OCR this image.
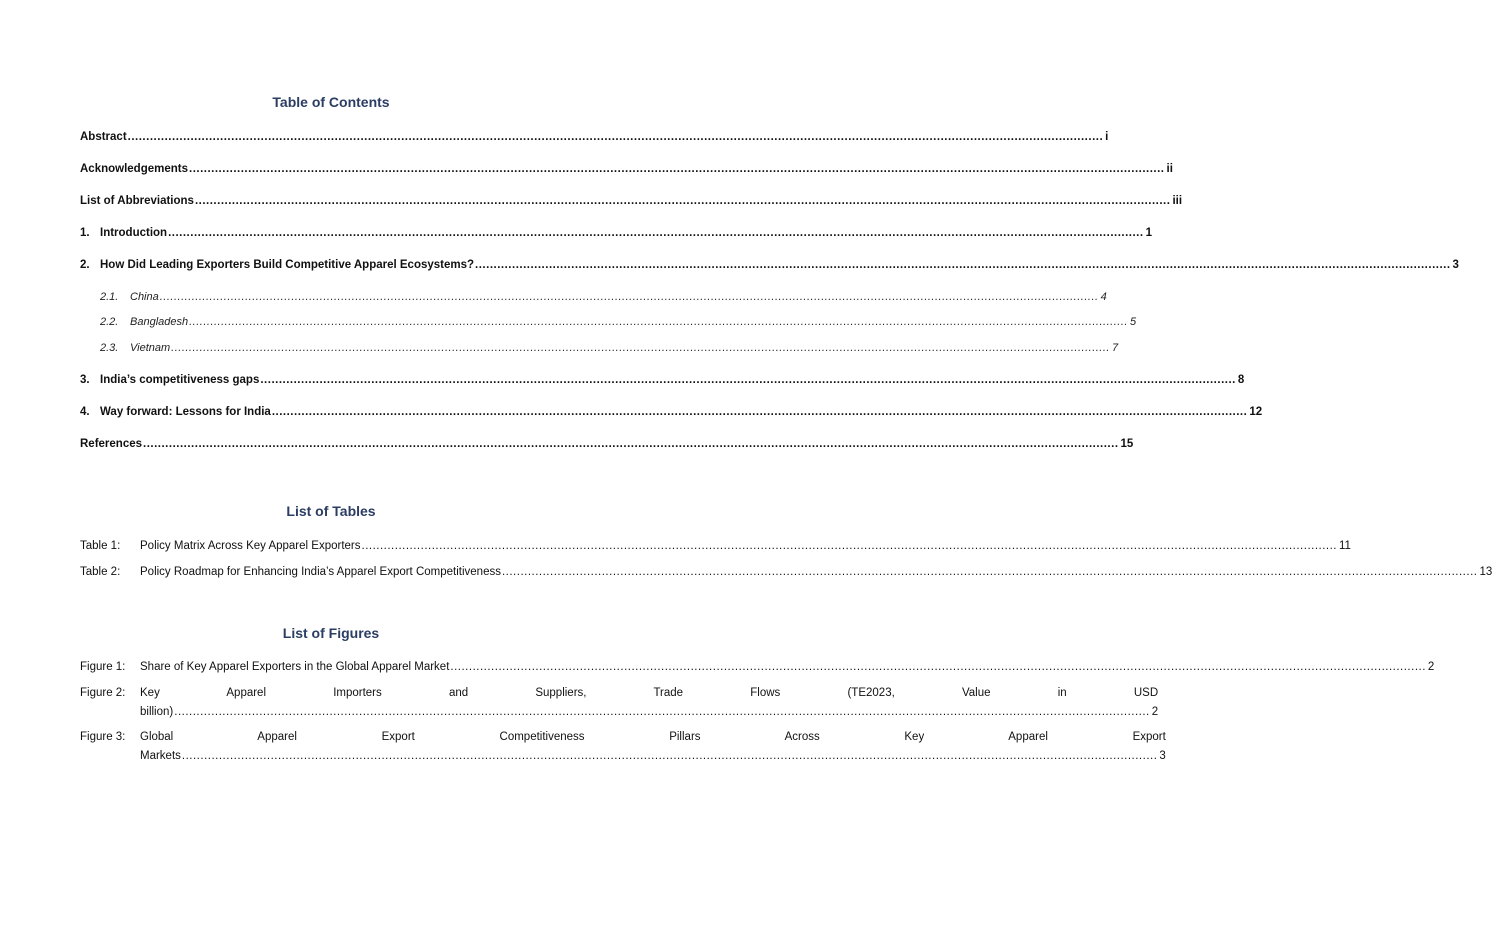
Table of Contents
Abstract .....	i
Acknowledgements .....	ii
List of Abbreviations .....	iii
1. Introduction .....	1
2. How Did Leading Exporters Build Competitive Apparel Ecosystems? .....	3
2.1.	China .....	4
2.2.	Bangladesh .....	5
2.3.	Vietnam .....	7
3. India’s competitiveness gaps .....	8
4. Way forward: Lessons for India .....	12
References .....	15
List of Tables
Table 1:	Policy Matrix Across Key Apparel Exporters .....	11
Table 2:	Policy Roadmap for Enhancing India’s Apparel Export Competitiveness .....	13
List of Figures
Figure 1:	Share of Key Apparel Exporters in the Global Apparel Market .....	2
Figure 2:	Key Apparel Importers and Suppliers, Trade Flows (TE2023, Value in USD
billion) .....	2
Figure 3:	Global Apparel Export Competitiveness Pillars Across Key Apparel Export
Markets .....	3
